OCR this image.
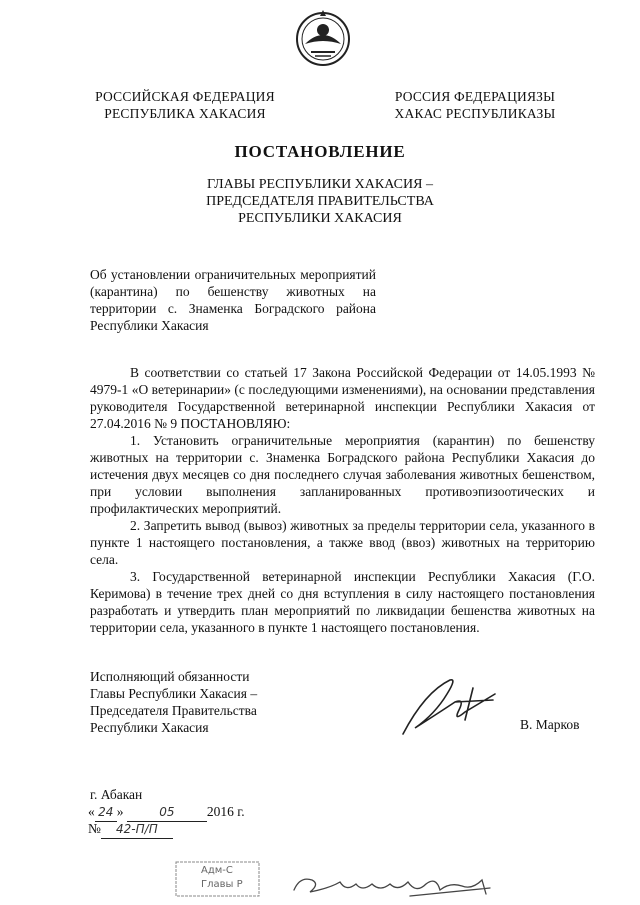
РОССИЙСКАЯ ФЕДЕРАЦИЯ
РЕСПУБЛИКА ХАКАСИЯ
РОССИЯ ФЕДЕРАЦИЯЗЫ
ХАКАС РЕСПУБЛИКАЗЫ
ПОСТАНОВЛЕНИЕ
ГЛАВЫ РЕСПУБЛИКИ ХАКАСИЯ –
ПРЕДСЕДАТЕЛЯ ПРАВИТЕЛЬСТВА
РЕСПУБЛИКИ ХАКАСИЯ
Об установлении ограничительных мероприятий (карантина) по бешенству животных на территории с. Знаменка Боградского района Республики Хакасия

В соответствии со статьей 17 Закона Российской Федерации от 14.05.1993 № 4979-1 «О ветеринарии» (с последующими изменениями), на основании представления руководителя Государственной ветеринарной инспекции Республики Хакасия от 27.04.2016 № 9 ПОСТАНОВЛЯЮ:

1. Установить ограничительные мероприятия (карантин) по бешенству животных на территории с. Знаменка Боградского района Республики Хакасия до истечения двух месяцев со дня последнего случая заболевания животных бешенством, при условии выполнения запланированных противоэпизоотических и профилактических мероприятий.

2. Запретить вывод (вывоз) животных за пределы территории села, указанного в пункте 1 настоящего постановления, а также ввод (ввоз) животных на территорию села.

3. Государственной ветеринарной инспекции Республики Хакасия (Г.О. Керимова) в течение трех дней со дня вступления в силу настоящего постановления разработать и утвердить план мероприятий по ликвидации бешенства животных на территории села, указанного в пункте 1 настоящего постановления.

Исполняющий обязанности
Главы Республики Хакасия –
Председателя Правительства
Республики Хакасия	В. Марков
г. Абакан
« 24 »	05 2016 г.
№ 42-П/П
Адм-С
Главы Р
